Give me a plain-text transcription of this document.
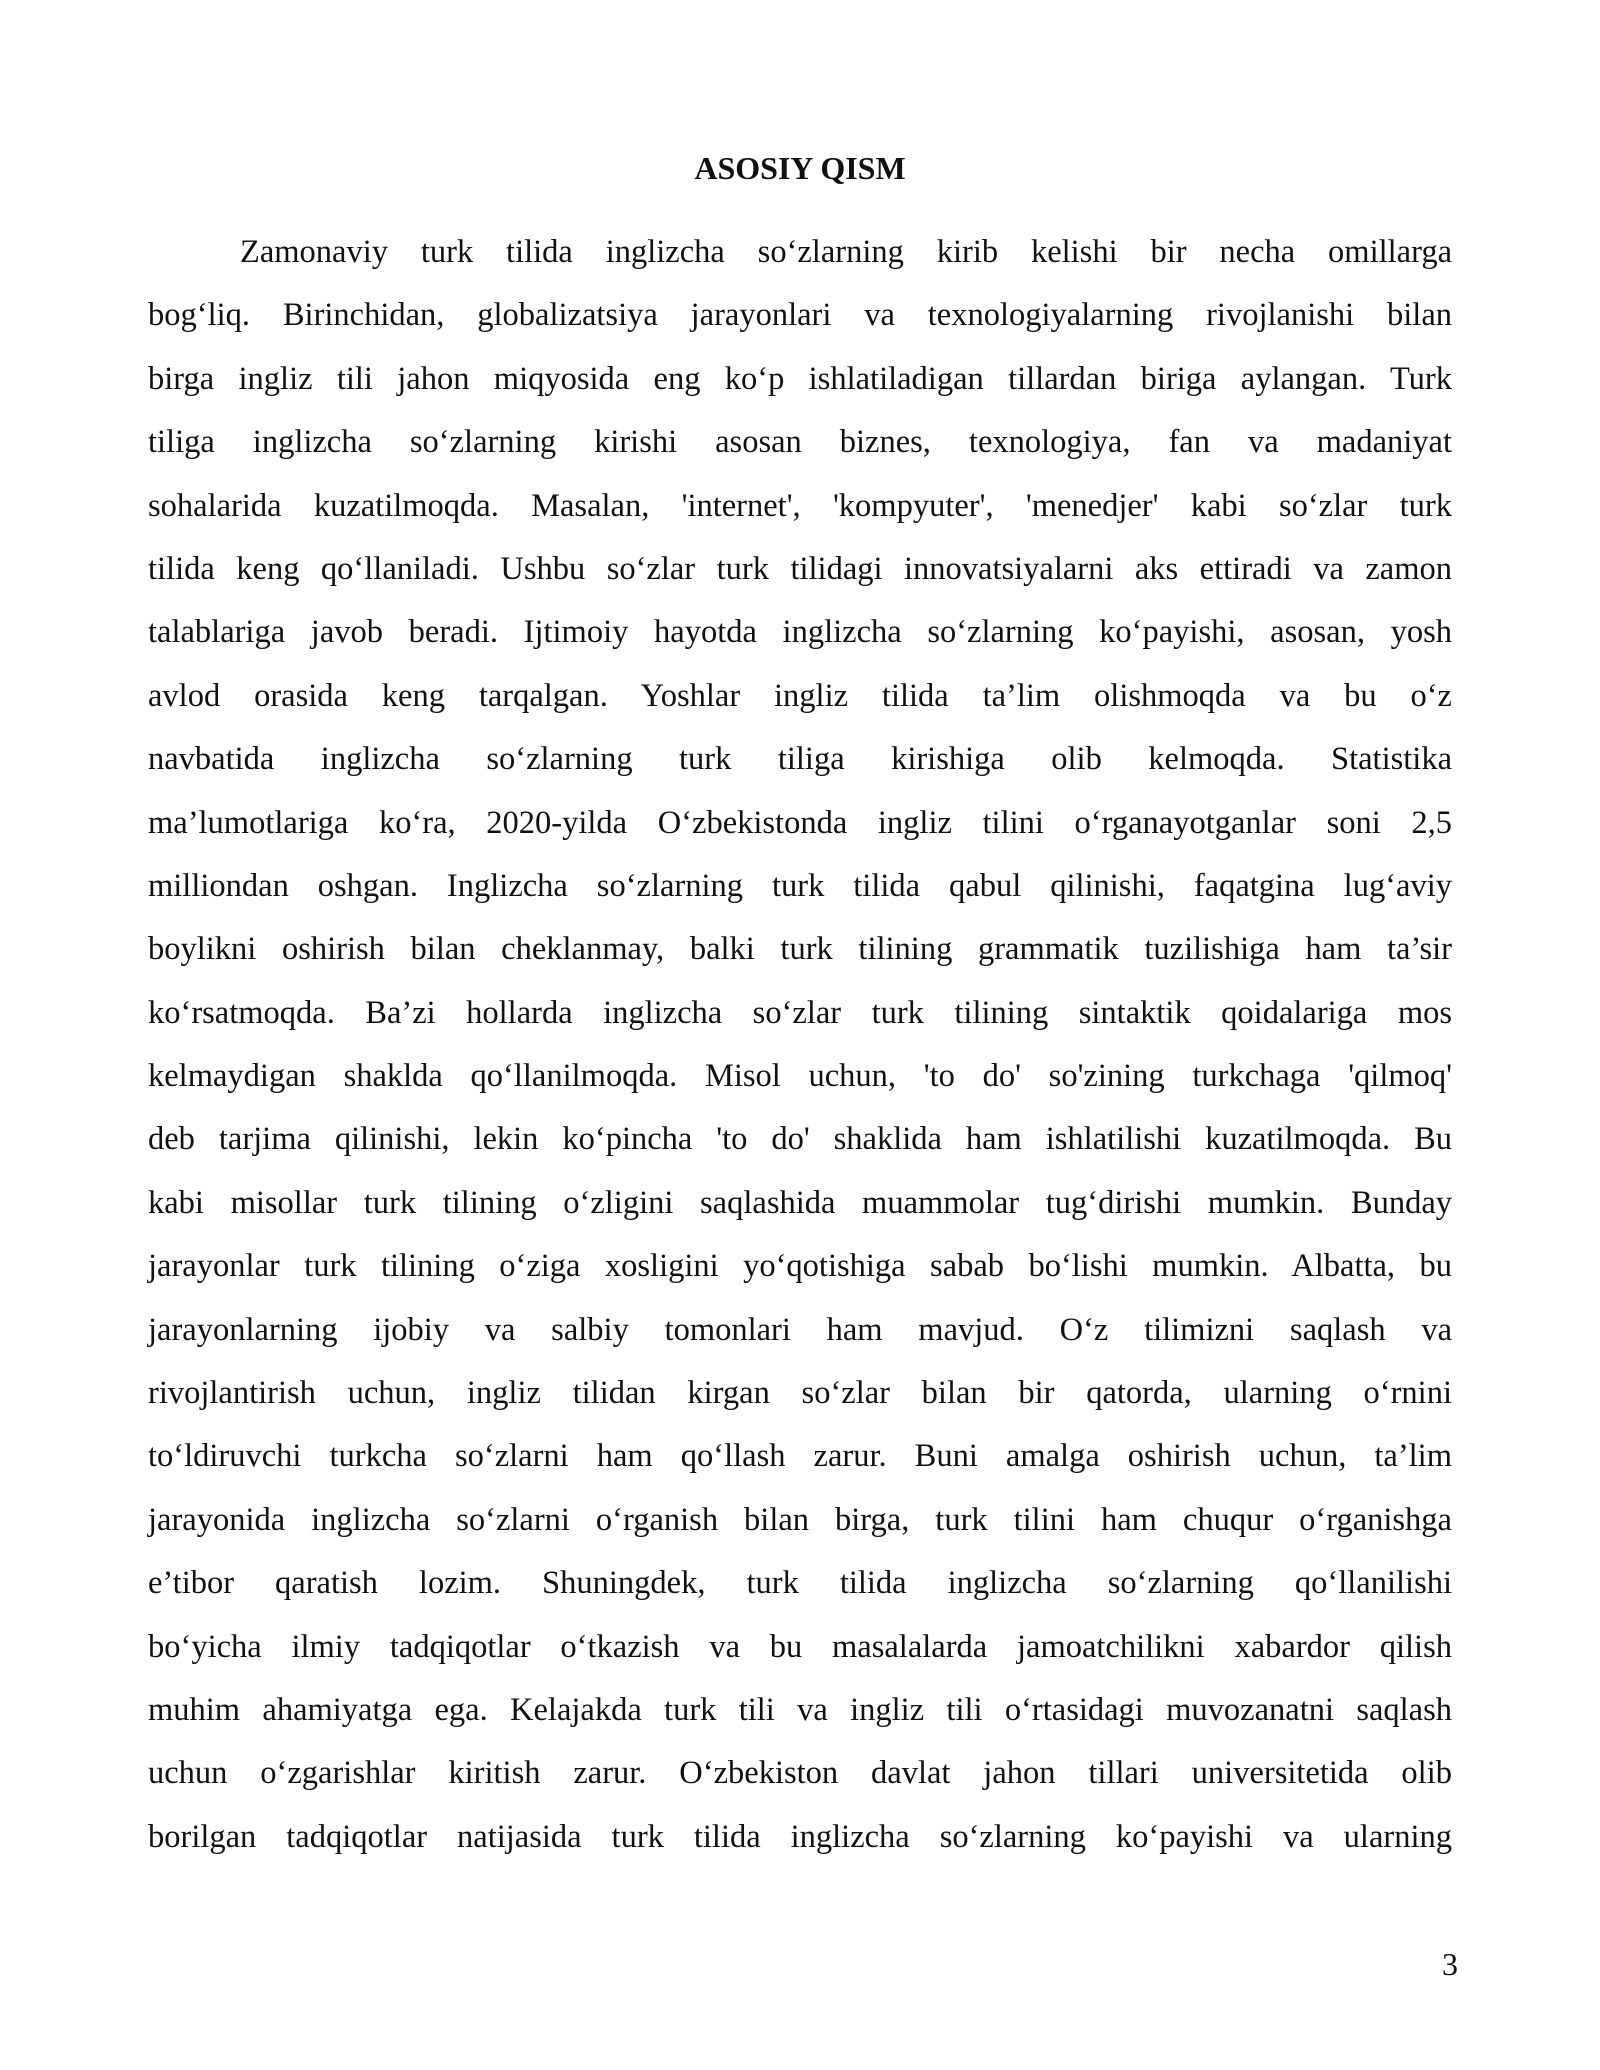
ASOSIY QISM
Zamonaviy turk tilida inglizcha so‘zlarning kirib kelishi bir necha omillarga
bog‘liq. Birinchidan, globalizatsiya jarayonlari va texnologiyalarning rivojlanishi bilan
birga ingliz tili jahon miqyosida eng ko‘p ishlatiladigan tillardan biriga aylangan. Turk
tiliga inglizcha so‘zlarning kirishi asosan biznes, texnologiya, fan va madaniyat
sohalarida kuzatilmoqda. Masalan, 'internet', 'kompyuter', 'menedjer' kabi so‘zlar turk
tilida keng qo‘llaniladi. Ushbu so‘zlar turk tilidagi innovatsiyalarni aks ettiradi va zamon
talablariga javob beradi. Ijtimoiy hayotda inglizcha so‘zlarning ko‘payishi, asosan, yosh
avlod orasida keng tarqalgan. Yoshlar ingliz tilida ta’lim olishmoqda va bu o‘z
navbatida inglizcha so‘zlarning turk tiliga kirishiga olib kelmoqda. Statistika
ma’lumotlariga ko‘ra, 2020-yilda O‘zbekistonda ingliz tilini o‘rganayotganlar soni 2,5
milliondan oshgan. Inglizcha so‘zlarning turk tilida qabul qilinishi, faqatgina lug‘aviy
boylikni oshirish bilan cheklanmay, balki turk tilining grammatik tuzilishiga ham ta’sir
ko‘rsatmoqda. Ba’zi hollarda inglizcha so‘zlar turk tilining sintaktik qoidalariga mos
kelmaydigan shaklda qo‘llanilmoqda. Misol uchun, 'to do' so'zining turkchaga 'qilmoq'
deb tarjima qilinishi, lekin ko‘pincha 'to do' shaklida ham ishlatilishi kuzatilmoqda. Bu
kabi misollar turk tilining o‘zligini saqlashida muammolar tug‘dirishi mumkin. Bunday
jarayonlar turk tilining o‘ziga xosligini yo‘qotishiga sabab bo‘lishi mumkin. Albatta, bu
jarayonlarning ijobiy va salbiy tomonlari ham mavjud. O‘z tilimizni saqlash va
rivojlantirish uchun, ingliz tilidan kirgan so‘zlar bilan bir qatorda, ularning o‘rnini
to‘ldiruvchi turkcha so‘zlarni ham qo‘llash zarur. Buni amalga oshirish uchun, ta’lim
jarayonida inglizcha so‘zlarni o‘rganish bilan birga, turk tilini ham chuqur o‘rganishga
e’tibor qaratish lozim. Shuningdek, turk tilida inglizcha so‘zlarning qo‘llanilishi
bo‘yicha ilmiy tadqiqotlar o‘tkazish va bu masalalarda jamoatchilikni xabardor qilish
muhim ahamiyatga ega. Kelajakda turk tili va ingliz tili o‘rtasidagi muvozanatni saqlash
uchun o‘zgarishlar kiritish zarur. O‘zbekiston davlat jahon tillari universitetida olib
borilgan tadqiqotlar natijasida turk tilida inglizcha so‘zlarning ko‘payishi va ularning
3
